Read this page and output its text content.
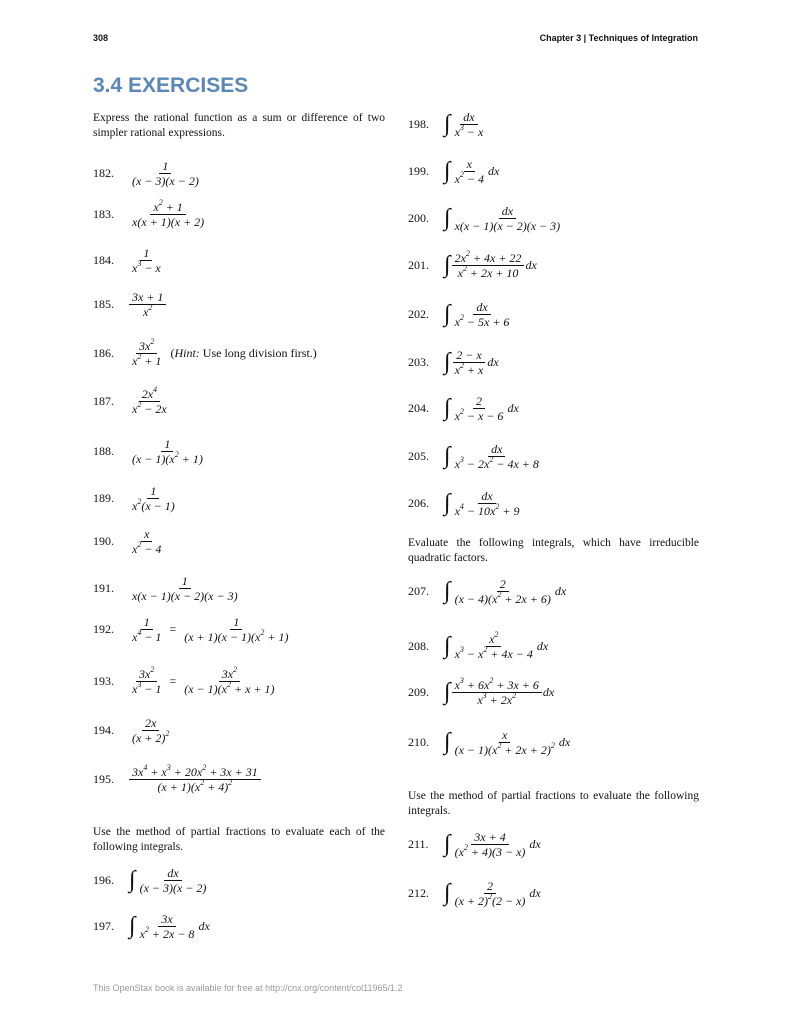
308	Chapter 3 | Techniques of Integration
3.4 EXERCISES

Express the rational function as a sum or difference of two simpler rational expressions.

Use the method of partial fractions to evaluate each of the following integrals.

Evaluate the following integrals, which have irreducible quadratic factors.

Use the method of partial fractions to evaluate the following integrals.

182.	$\frac{1}{(x - 3)(x - 2)}$
183.	$\frac{x^2 + 1}{x(x + 1)(x + 2)}$
184.	$\frac{1}{x^3 - x}$
185.	$\frac{3x + 1}{x^2}$
186.	$\frac{3x^2}{x^2 + 1}$ (Hint: Use long division first.)
187.	$\frac{2x^4}{x^2 - 2x}$
188.	$\frac{1}{(x - 1)(x^2 + 1)}$
189.	$\frac{1}{x^2(x - 1)}$
190.	$\frac{x}{x^2 - 4}$
191.	$\frac{1}{x(x - 1)(x - 2)(x - 3)}$
192.	$\frac{1}{x^4 - 1} = \frac{1}{(x + 1)(x - 1)(x^2 + 1)}$
193.	$\frac{3x^2}{x^3 - 1} = \frac{3x^2}{(x - 1)(x^2 + x + 1)}$
194.	$\frac{2x}{(x + 2)^2}$
195.	$\frac{3x^4 + x^3 + 20x^2 + 3x + 31}{(x + 1)(x^2 + 4)^2}$
196. ∫ $\frac{dx}{(x - 3)(x - 2)}$
197. ∫ $\frac{3x}{x^2 + 2x - 8}$ dx
198. ∫ $\frac{dx}{x^3 - x}$
199. ∫ $\frac{x}{x^2 - 4}$ dx
200. ∫ $\frac{dx}{x(x - 1)(x - 2)(x - 3)}$
201. ∫ $\frac{2x^2 + 4x + 22}{x^2 + 2x + 10}$ dx
202. ∫ $\frac{dx}{x^2 - 5x + 6}$
203. ∫ $\frac{2 - x}{x^2 + x}$ dx
204. ∫ $\frac{2}{x^2 - x - 6}$ dx
205. ∫ $\frac{dx}{x^3 - 2x^2 - 4x + 8}$
206. ∫ $\frac{dx}{x^4 - 10x^2 + 9}$
207. ∫ $\frac{2}{(x - 4)(x^2 + 2x + 6)}$ dx
208. ∫ $\frac{x^2}{x^3 - x^2 + 4x - 4}$ dx
209. ∫ $\frac{x^3 + 6x^2 + 3x + 6}{x^3 + 2x^2}$ dx
210. ∫ $\frac{x}{(x - 1)(x^2 + 2x + 2)^2}$ dx
211. ∫ $\frac{3x + 4}{(x^2 + 4)(3 - x)}$ dx
212. ∫ $\frac{2}{(x + 2)^2(2 - x)}$ dx
This OpenStax book is available for free at http://cnx.org/content/col11965/1.2
